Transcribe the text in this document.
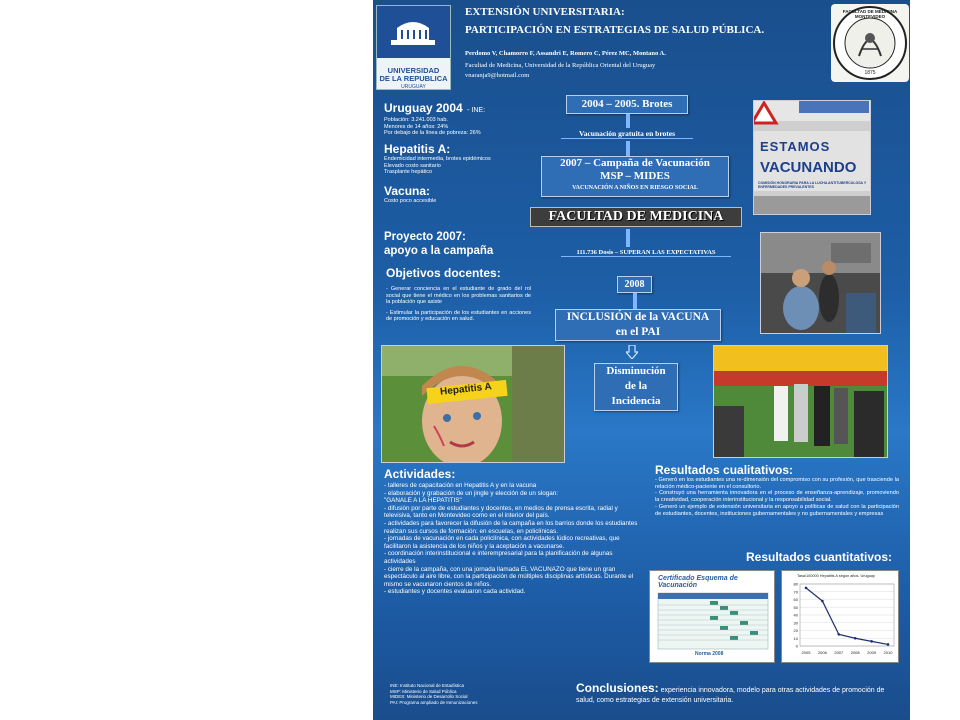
UNIVERSIDAD
DE LA REPUBLICA
URUGUAY
EXTENSIÓN UNIVERSITARIA:
PARTICIPACIÓN EN ESTRATEGIAS DE SALUD PÚBLICA.
Perdomo V, Chamorro F, Assandri E, Romero C, Pérez MC, Montano A.
Facultad de Medicina, Universidad de la República Oriental del Uruguay
vnaranja9@hotmail.com
FACULTAD DE MEDICINA MONTEVIDEO
1875
Uruguay 2004 - INE:
Población: 3.241.003 hab.
Menores de 14 años: 24%
Por debajo de la línea de pobreza: 26%
Hepatitis A:
Endemicidad intermedia, brotes epidémicos
Elevado costo sanitario
Trasplante hepático
Vacuna:
Costo poco accesible
Proyecto 2007:
apoyo a la campaña
Objetivos docentes:
- Generar conciencia en el estudiante de grado del rol social que tiene el médico en los problemas sanitarios de la población que asiste
- Estimular la participación de los estudiantes en acciones de promoción y educación en salud.
2004 – 2005. Brotes
Vacunación gratuita en brotes
2007 – Campaña de Vacunación
MSP – MIDES
VACUNACIÓN A NIÑOS EN RIESGO SOCIAL
FACULTAD DE MEDICINA
111.736 Dosis – SUPERAN LAS EXPECTATIVAS
2008
INCLUSIÓN de la VACUNA
en el PAI
Disminución
de la
Incidencia
ESTAMOS
VACUNANDO
COMISIÓN HONORARIA PARA LA LUCHA ANTITUBERCULOSA Y ENFERMEDADES PREVALENTES
Hepatitis A
Actividades:

- talleres de capacitación en Hepatitis A y en la vacuna

- elaboración y grabación de un jingle y elección de un slogan:

"GANALE A LA HEPATITIS"

- difusión por parte de estudiantes y docentes, en medios de prensa escrita, radial y televisiva, tanto en Montevideo como en el interior del país.

- actividades para favorecer la difusión de la campaña en los barrios donde los estudiantes realizan sus cursos de formación: en escuelas, en policlínicas.

- jornadas de vacunación en cada policlínica, con actividades lúdico recreativas, que facilitaron la asistencia de los niños y la aceptación a vacunarse.

- coordinación interinstitucional e interempresarial para la planificación de algunas actividades

- cierre de la campaña, con una jornada llamada EL VACUNAZO que tiene un gran espectáculo al aire libre, con la participación de múltiples disciplinas artísticas. Durante el mismo se vacunaron cientos de niños.

- estudiantes y docentes evaluaron cada actividad.

INE: Instituto Nacional de Estadística
MSP: Ministerio de Salud Pública
MIDES: Ministerio de Desarrollo Social
PAI: Programa ampliado de Inmunizaciones
Resultados cualitativos:
- Generó en los estudiantes una re-dimensión del compromiso con su profesión, que trasciende la relación médico-paciente en el consultorio.
- Construyó una herramienta innovadora en el proceso de enseñanza-aprendizaje, promoviendo la creatividad, cooperación interinstitucional y la responsabilidad social.
- Generó un ejemplo de extensión universitaria en apoyo a políticas de salud con la participación de estudiantes, docentes, instituciones gubernamentales y no gubernamentales y empresas
Resultados cuantitativos:
Certificado Esquema de Vacunación
Norma 2008
Tasa/100000 Hepatitis A según años. Uruguay
0
10
20
30
40
50
60
70
80
2005 2006 2007 2008 2009 2010
Conclusiones: experiencia innovadora, modelo para otras actividades de promoción de salud, como estrategias de extensión universitaria.
